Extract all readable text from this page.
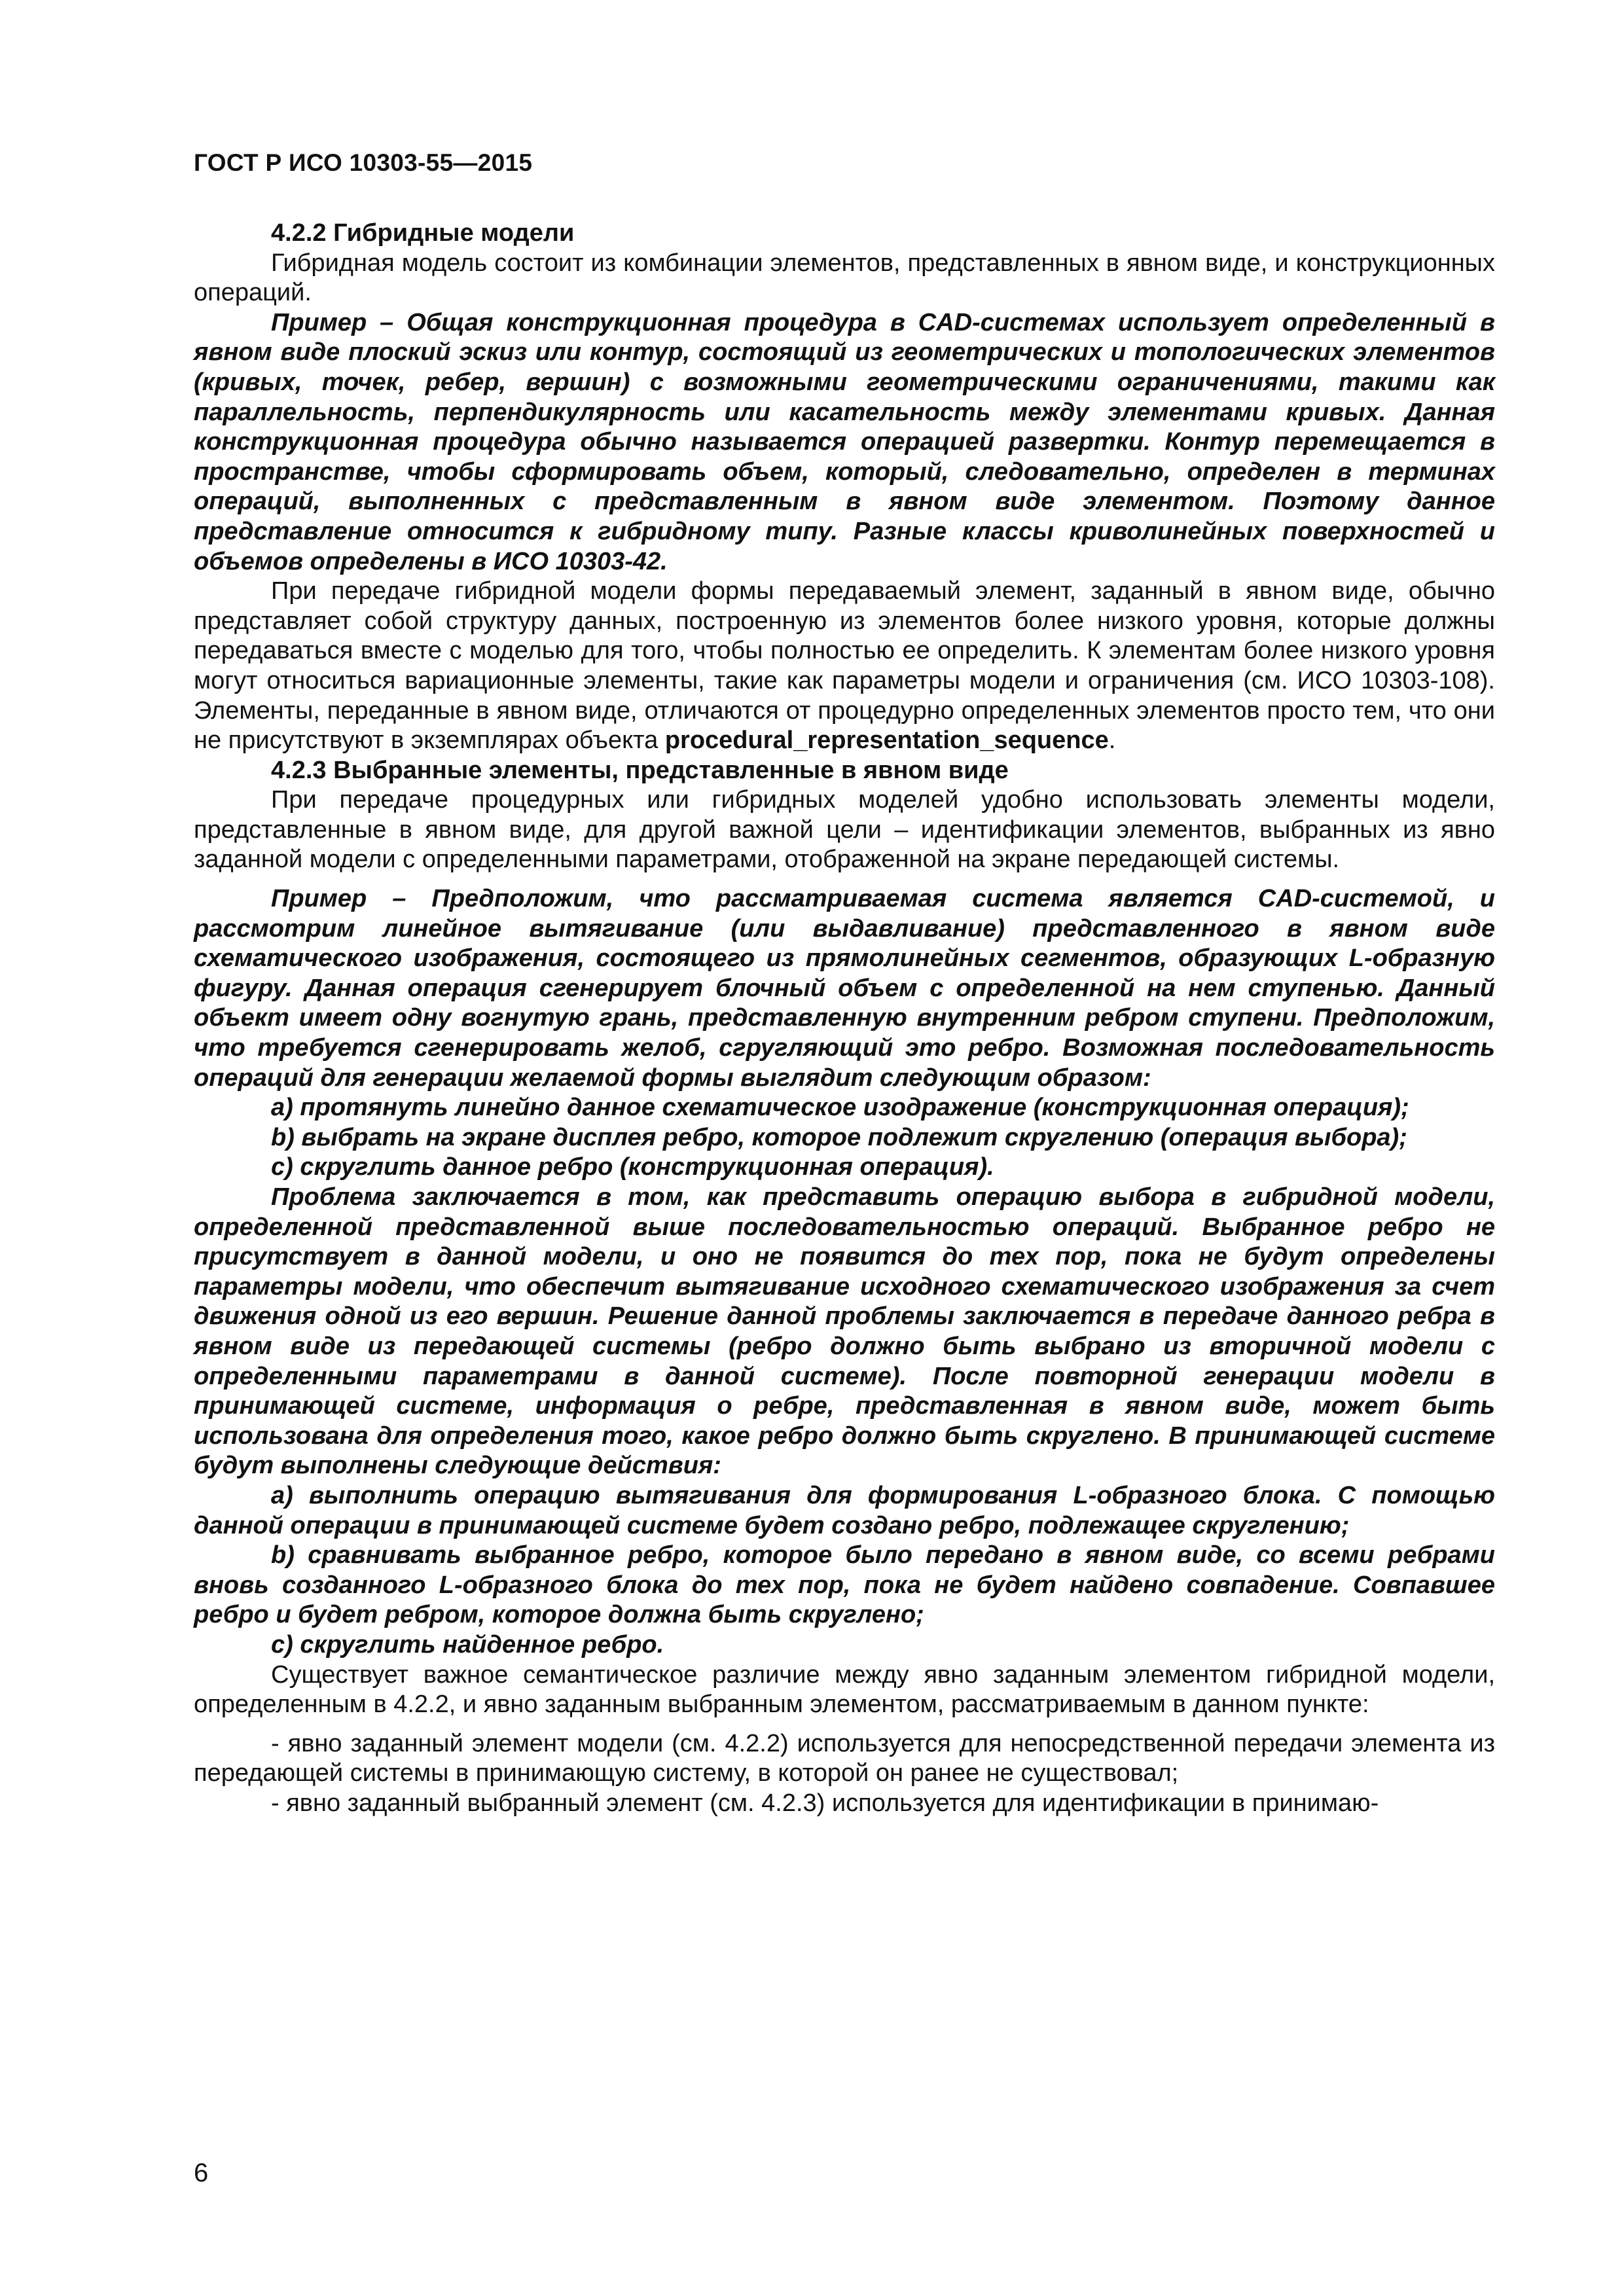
ГОСТ Р ИСО 10303-55—2015

4.2.2 Гибридные модели

Гибридная модель состоит из комбинации элементов, представленных в явном виде, и конструкционных операций.

Пример – Общая конструкционная процедура в CAD-системах использует определенный в явном виде плоский эскиз или контур, состоящий из геометрических и топологических элементов (кривых, точек, ребер, вершин) с возможными геометрическими ограничениями, такими как параллельность, перпендикулярность или касательность между элементами кривых. Данная конструкционная процедура обычно называется операцией развертки. Контур перемещается в пространстве, чтобы сформировать объем, который, следовательно, определен в терминах операций, выполненных с представленным в явном виде элементом. Поэтому данное представление относится к гибридному типу. Разные классы криволинейных поверхностей и объемов определены в ИСО 10303-42.

При передаче гибридной модели формы передаваемый элемент, заданный в явном виде, обычно представляет собой структуру данных, построенную из элементов более низкого уровня, которые должны передаваться вместе с моделью для того, чтобы полностью ее определить. К элементам более низкого уровня могут относиться вариационные элементы, такие как параметры модели и ограничения (см. ИСО 10303-108). Элементы, переданные в явном виде, отличаются от процедурно определенных элементов просто тем, что они не присутствуют в экземплярах объекта procedural_representation_sequence.

4.2.3 Выбранные элементы, представленные в явном виде

При передаче процедурных или гибридных моделей удобно использовать элементы модели, представленные в явном виде, для другой важной цели – идентификации элементов, выбранных из явно заданной модели с определенными параметрами, отображенной на экране передающей системы.

Пример – Предположим, что рассматриваемая система является CAD-системой, и рассмотрим линейное вытягивание (или выдавливание) представленного в явном виде схематического изображения, состоящего из прямолинейных сегментов, образующих L-образную фигуру. Данная операция сгенерирует блочный объем с определенной на нем ступенью. Данный объект имеет одну вогнутую грань, представленную внутренним ребром ступени. Предположим, что требуется сгенерировать желоб, сгругляющий это ребро. Возможная последовательность операций для генерации желаемой формы выглядит следующим образом:

а) протянуть линейно данное схематическое изодражение (конструкционная операция);

b) выбрать на экране дисплея ребро, которое подлежит скруглению (операция выбора);

с) скруглить данное ребро (конструкционная операция).

Проблема заключается в том, как представить операцию выбора в гибридной модели, определенной представленной выше последовательностью операций. Выбранное ребро не присутствует в данной модели, и оно не появится до тех пор, пока не будут определены параметры модели, что обеспечит вытягивание исходного схематического изображения за счет движения одной из его вершин. Решение данной проблемы заключается в передаче данного ребра в явном виде из передающей системы (ребро должно быть выбрано из вторичной модели с определенными параметрами в данной системе). После повторной генерации модели в принимающей системе, информация о ребре, представленная в явном виде, может быть использована для определения того, какое ребро должно быть скруглено. В принимающей системе будут выполнены следующие действия:

а) выполнить операцию вытягивания для формирования L-образного блока. С помощью данной операции в принимающей системе будет создано ребро, подлежащее скруглению;

b) сравнивать выбранное ребро, которое было передано в явном виде, со всеми ребрами вновь созданного L-образного блока до тех пор, пока не будет найдено совпадение. Совпавшее ребро и будет ребром, которое должна быть скруглено;

с) скруглить найденное ребро.

Существует важное семантическое различие между явно заданным элементом гибридной модели, определенным в 4.2.2, и явно заданным выбранным элементом, рассматриваемым в данном пункте:

- явно заданный элемент модели (см. 4.2.2) используется для непосредственной передачи элемента из передающей системы в принимающую систему, в которой он ранее не существовал;

- явно заданный выбранный элемент (см. 4.2.3) используется для идентификации в принимаю-

6
